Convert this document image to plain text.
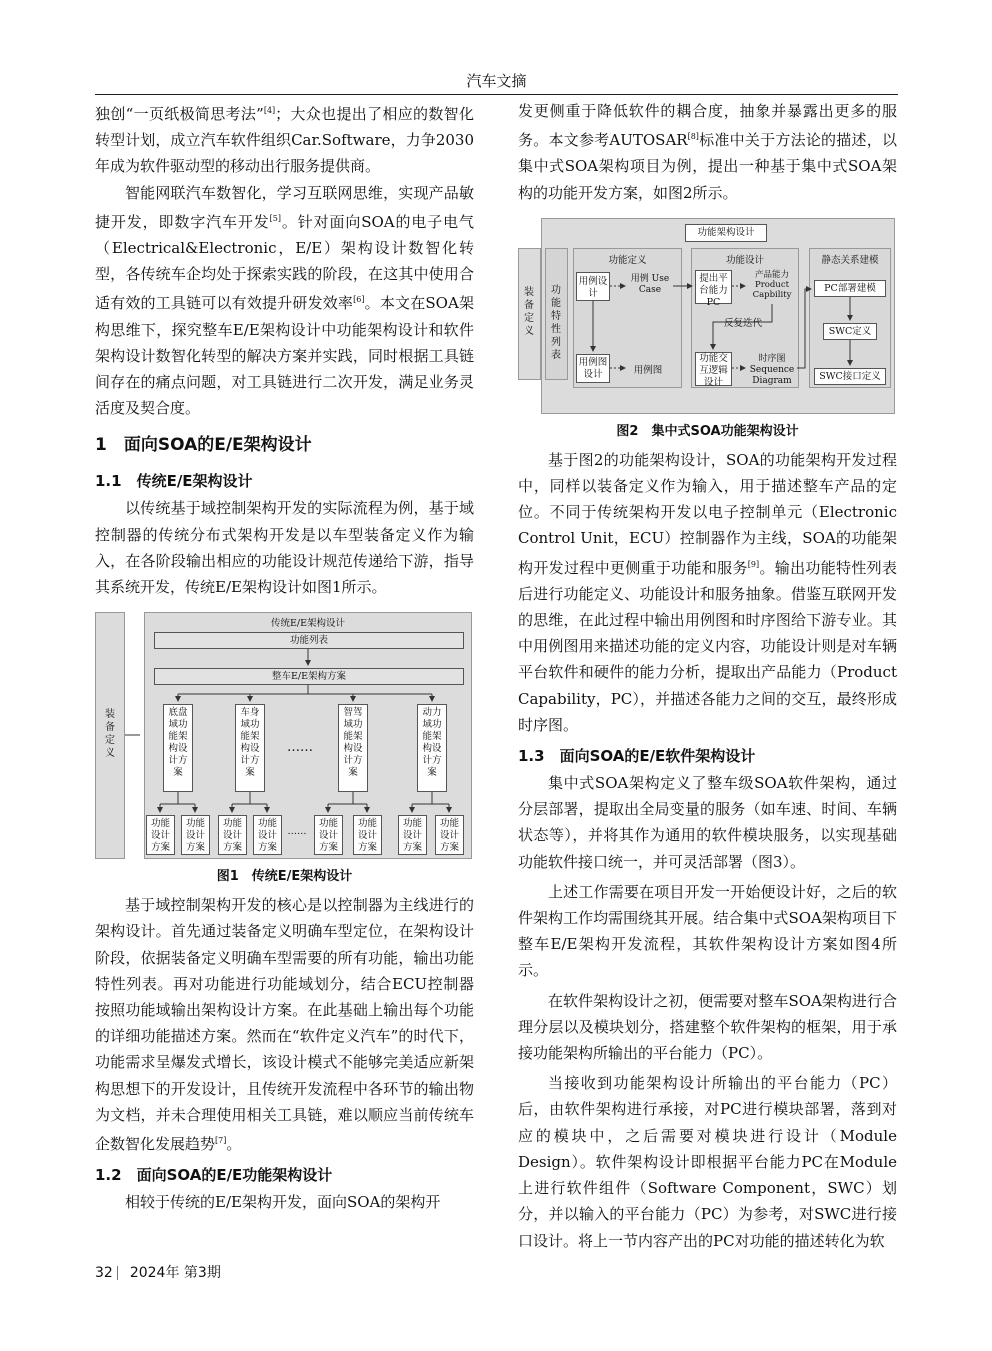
汽车文摘

独创“一页纸极简思考法”[4]；大众也提出了相应的数智化转型计划，成立汽车软件组织Car.Software，力争2030年成为软件驱动型的移动出行服务提供商。

智能网联汽车数智化，学习互联网思维，实现产品敏捷开发，即数字汽车开发[5]。针对面向SOA的电子电气（Electrical&Electronic，E/E）架构设计数智化转型，各传统车企均处于探索实践的阶段，在这其中使用合适有效的工具链可以有效提升研发效率[6]。本文在SOA架构思维下，探究整车E/E架构设计中功能架构设计和软件架构设计数智化转型的解决方案并实践，同时根据工具链间存在的痛点问题，对工具链进行二次开发，满足业务灵活度及契合度。

1　面向SOA的E/E架构设计
1.1　传统E/E架构设计

以传统基于域控制架构开发的实际流程为例，基于域控制器的传统分布式架构开发是以车型装备定义作为输入，在各阶段输出相应的功能设计规范传递给下游，指导其系统开发，传统E/E架构设计如图1所示。

装备定义
传统E/E架构设计
功能列表
整车E/E架构方案
底盘域功能架构设计方案
车身域功能架构设计方案
……
智驾域功能架构设计方案
动力域功能架构设计方案
功能设计方案
功能设计方案
功能设计方案
功能设计方案
……
功能设计方案
功能设计方案
功能设计方案
功能设计方案
图1　传统E/E架构设计

基于域控制架构开发的核心是以控制器为主线进行的架构设计。首先通过装备定义明确车型定位，在架构设计阶段，依据装备定义明确车型需要的所有功能，输出功能特性列表。再对功能进行功能域划分，结合ECU控制器按照功能域输出架构设计方案。在此基础上输出每个功能的详细功能描述方案。然而在“软件定义汽车”的时代下，功能需求呈爆发式增长，该设计模式不能够完美适应新架构思想下的开发设计，且传统开发流程中各环节的输出物为文档，并未合理使用相关工具链，难以顺应当前传统车企数智化发展趋势[7]。

1.2　面向SOA的E/E功能架构设计

相较于传统的E/E架构开发，面向SOA的架构开

发更侧重于降低软件的耦合度，抽象并暴露出更多的服务。本文参考AUTOSAR[8]标准中关于方法论的描述，以集中式SOA架构项目为例，提出一种基于集中式SOA架构的功能开发方案，如图2所示。

装备定义
功能架构设计
功能特性列表
功能定义	功能设计	静态关系建模
用例设计
用例 Use Case
用例图设计	用例图
提出平台能力 PC
产品能力 Product Capbility
反复迭代
功能交互逻辑设计
时序图 Sequence Diagram
PC部署建模
SWC定义
SWC接口定义
图2　集中式SOA功能架构设计

基于图2的功能架构设计，SOA的功能架构开发过程中，同样以装备定义作为输入，用于描述整车产品的定位。不同于传统架构开发以电子控制单元（Electronic Control Unit，ECU）控制器作为主线，SOA的功能架构开发过程中更侧重于功能和服务[9]。输出功能特性列表后进行功能定义、功能设计和服务抽象。借鉴互联网开发的思维，在此过程中输出用例图和时序图给下游专业。其中用例图用来描述功能的定义内容，功能设计则是对车辆平台软件和硬件的能力分析，提取出产品能力（Product Capability，PC），并描述各能力之间的交互，最终形成时序图。

1.3　面向SOA的E/E软件架构设计

集中式SOA架构定义了整车级SOA软件架构，通过分层部署，提取出全局变量的服务（如车速、时间、车辆状态等），并将其作为通用的软件模块服务，以实现基础功能软件接口统一，并可灵活部署（图3）。

上述工作需要在项目开发一开始便设计好，之后的软件架构工作均需围绕其开展。结合集中式SOA架构项目下整车E/E架构开发流程，其软件架构设计方案如图4所示。

在软件架构设计之初，便需要对整车SOA架构进行合理分层以及模块划分，搭建整个软件架构的框架，用于承接功能架构所输出的平台能力（PC）。

当接收到功能架构设计所输出的平台能力（PC）后，由软件架构进行承接，对PC进行模块部署，落到对应的模块中，之后需要对模块进行设计（Module Design）。软件架构设计即根据平台能力PC在Module上进行软件组件（Software Component，SWC）划分，并以输入的平台能力（PC）为参考，对SWC进行接口设计。将上一节内容产出的PC对功能的描述转化为软

32 2024年 第3期
